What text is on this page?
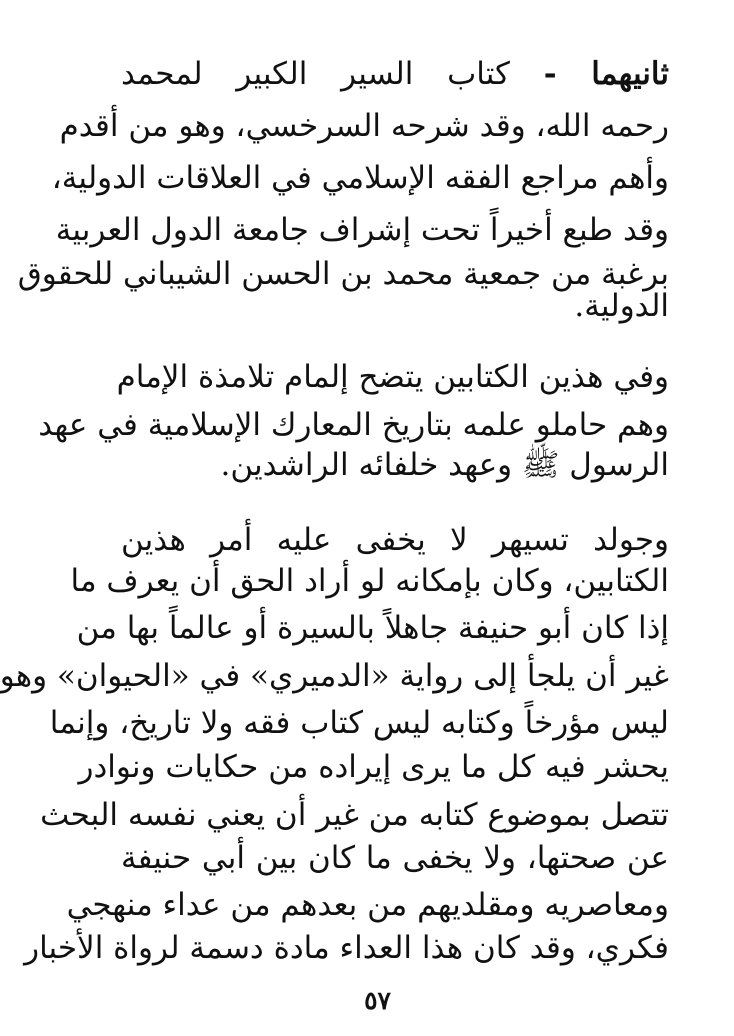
ثانيهما - كتاب السير الكبير لمحمد
رحمه الله، وقد شرحه السرخسي، وهو من أقدم
وأهم مراجع الفقه الإسلامي في العلاقات الدولية،
وقد طبع أخيراً تحت إشراف جامعة الدول العربية
برغبة من جمعية محمد بن الحسن الشيباني للحقوق
الدولية.
وفي هذين الكتابين يتضح إلمام تلامذة الإمام
وهم حاملو علمه بتاريخ المعارك الإسلامية في عهد
الرسول ﷺ وعهد خلفائه الراشدين.
وجولد تسيهر لا يخفى عليه أمر هذين
الكتابين، وكان بإمكانه لو أراد الحق أن يعرف ما
إذا كان أبو حنيفة جاهلاً بالسيرة أو عالماً بها من
غير أن يلجأ إلى رواية «الدميري» في «الحيوان» وهو
ليس مؤرخاً وكتابه ليس كتاب فقه ولا تاريخ، وإنما
يحشر فيه كل ما يرى إيراده من حكايات ونوادر
تتصل بموضوع كتابه من غير أن يعني نفسه البحث
عن صحتها، ولا يخفى ما كان بين أبي حنيفة
ومعاصريه ومقلديهم من بعدهم من عداء منهجي
فكري، وقد كان هذا العداء مادة دسمة لرواة الأخبار
٥٧
